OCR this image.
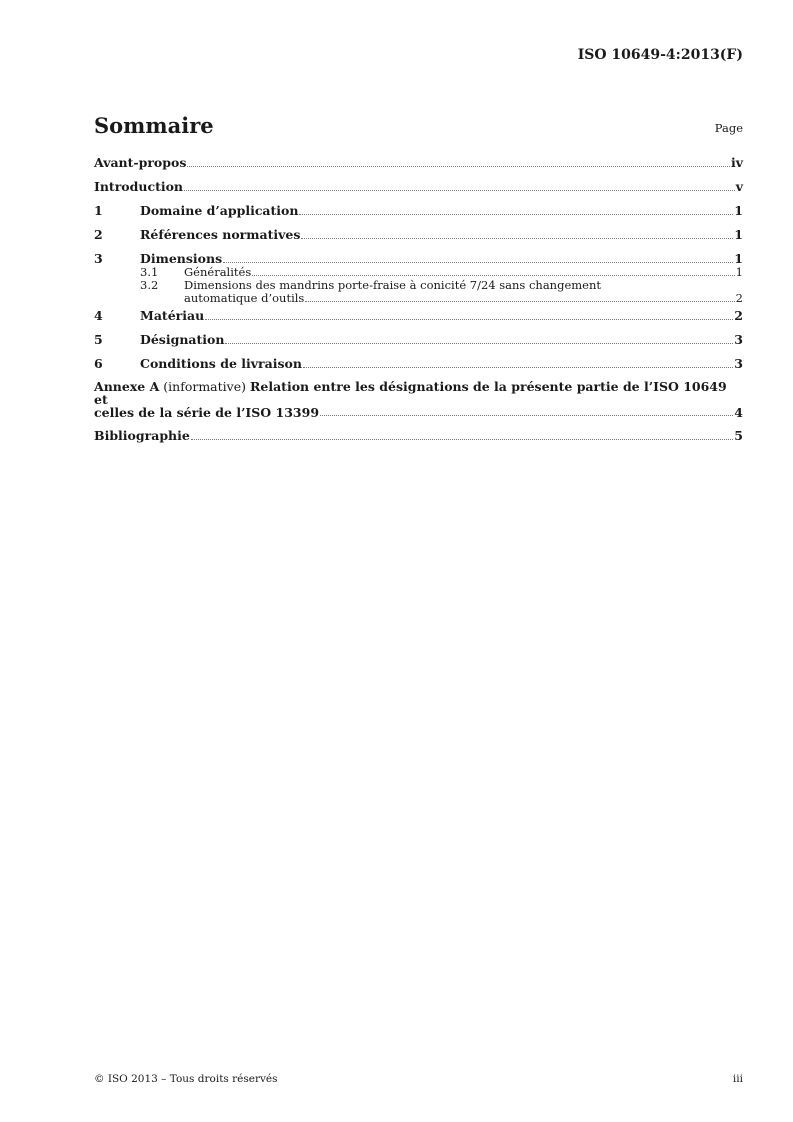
ISO 10649-4:2013(F)
Sommaire	Page
Avant-propos	iv
Introduction	v
1	Domaine d’application	1
2	Références normatives	1
3	Dimensions	1
3.1	Généralités	1
3.2	Dimensions des mandrins porte-fraise à conicité 7/24 sans changement
automatique d’outils	2
4	Matériau	2
5	Désignation	3
6	Conditions de livraison	3
Annexe A (informative) Relation entre les désignations de la présente partie de l’ISO 10649 et
celles de la série de l’ISO 13399	4
Bibliographie	5
© ISO 2013 – Tous droits réservés	iii
